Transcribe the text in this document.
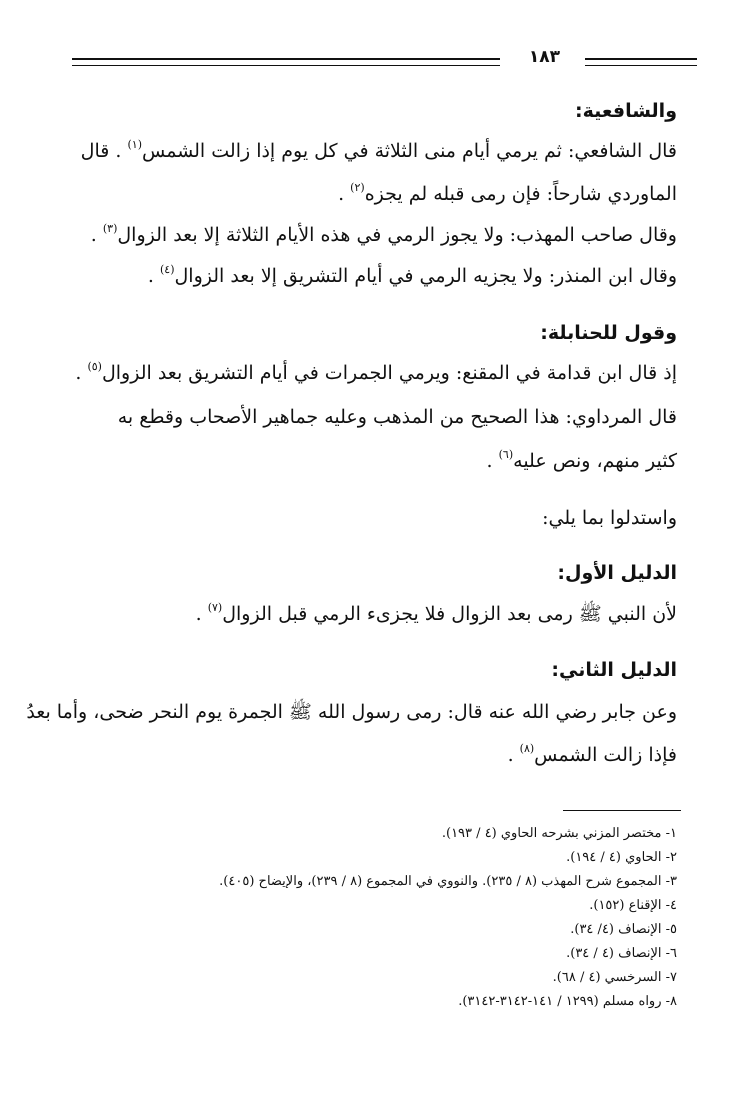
١٨٣
والشافعية:
قال الشافعي: ثم يرمي أيام منى الثلاثة في كل يوم إذا زالت الشمس$^{(١)}$ . قال
الماوردي شارحاً: فإن رمى قبله لم يجزه$^{(٢)}$ .
وقال صاحب المهذب: ولا يجوز الرمي في هذه الأيام الثلاثة إلا بعد الزوال$^{(٣)}$ .
وقال ابن المنذر: ولا يجزيه الرمي في أيام التشريق إلا بعد الزوال$^{(٤)}$ .
وقول للحنابلة:
إذ قال ابن قدامة في المقنع: ويرمي الجمرات في أيام التشريق بعد الزوال$^{(٥)}$ .
قال المرداوي: هذا الصحيح من المذهب وعليه جماهير الأصحاب وقطع به
كثير منهم، ونص عليه$^{(٦)}$ .
واستدلوا بما يلي:
الدليل الأول:
لأن النبي ﷺ رمى بعد الزوال فلا يجزىء الرمي قبل الزوال$^{(٧)}$ .
الدليل الثاني:
وعن جابر رضي الله عنه قال: رمى رسول الله ﷺ الجمرة يوم النحر ضحى، وأما بعدُ
فإذا زالت الشمس$^{(٨)}$ .
١- مختصر المزني بشرحه الحاوي (٤ / ١٩٣).
٢- الحاوي (٤ / ١٩٤).
٣- المجموع شرح المهذب (٨ / ٢٣٥). والنووي في المجموع (٨ / ٢٣٩)، والإيضاح (٤٠٥).
٤- الإقناع (١٥٢).
٥- الإنصاف (٤/ ٣٤).
٦- الإنصاف (٤ / ٣٤).
٧- السرخسي (٤ / ٦٨).
٨- رواه مسلم (١٢٩٩ / ١٤١-٣١٤٢-٣١٤٢).
